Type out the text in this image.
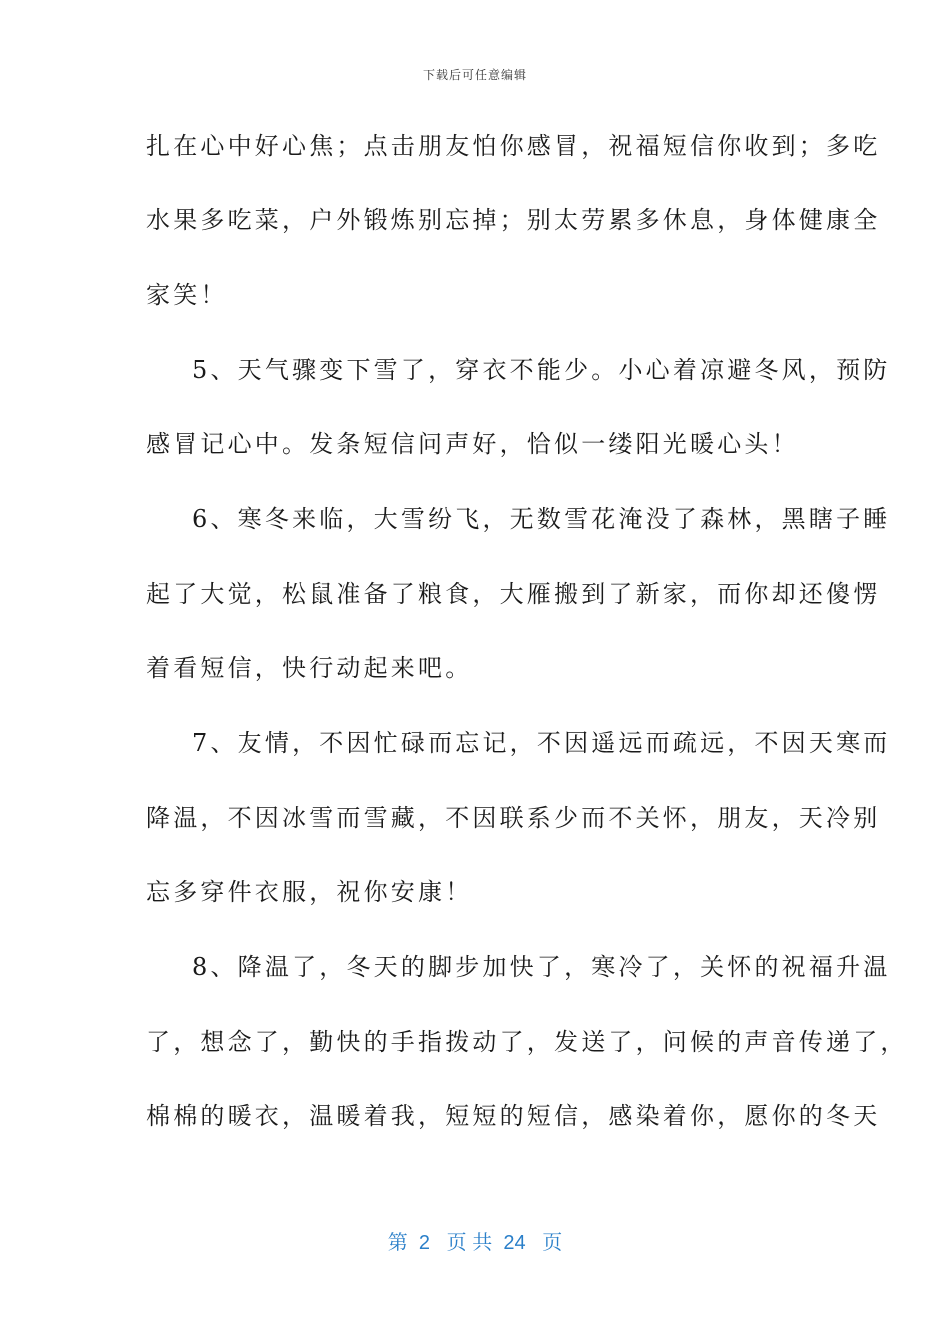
下载后可任意编辑
扎在心中好心焦；点击朋友怕你感冒，祝福短信你收到；多吃
水果多吃菜，户外锻炼别忘掉；别太劳累多休息，身体健康全
家笑！
5、天气骤变下雪了，穿衣不能少。小心着凉避冬风，预防
感冒记心中。发条短信问声好，恰似一缕阳光暖心头！
6、寒冬来临，大雪纷飞，无数雪花淹没了森林，黑瞎子睡
起了大觉，松鼠准备了粮食，大雁搬到了新家，而你却还傻愣
着看短信，快行动起来吧。
7、友情，不因忙碌而忘记，不因遥远而疏远，不因天寒而
降温，不因冰雪而雪藏，不因联系少而不关怀，朋友，天冷别
忘多穿件衣服，祝你安康！
8、降温了，冬天的脚步加快了，寒冷了，关怀的祝福升温
了，想念了，勤快的手指拨动了，发送了，问候的声音传递了，
棉棉的暖衣，温暖着我，短短的短信，感染着你，愿你的冬天
第  2   页 共  24   页
